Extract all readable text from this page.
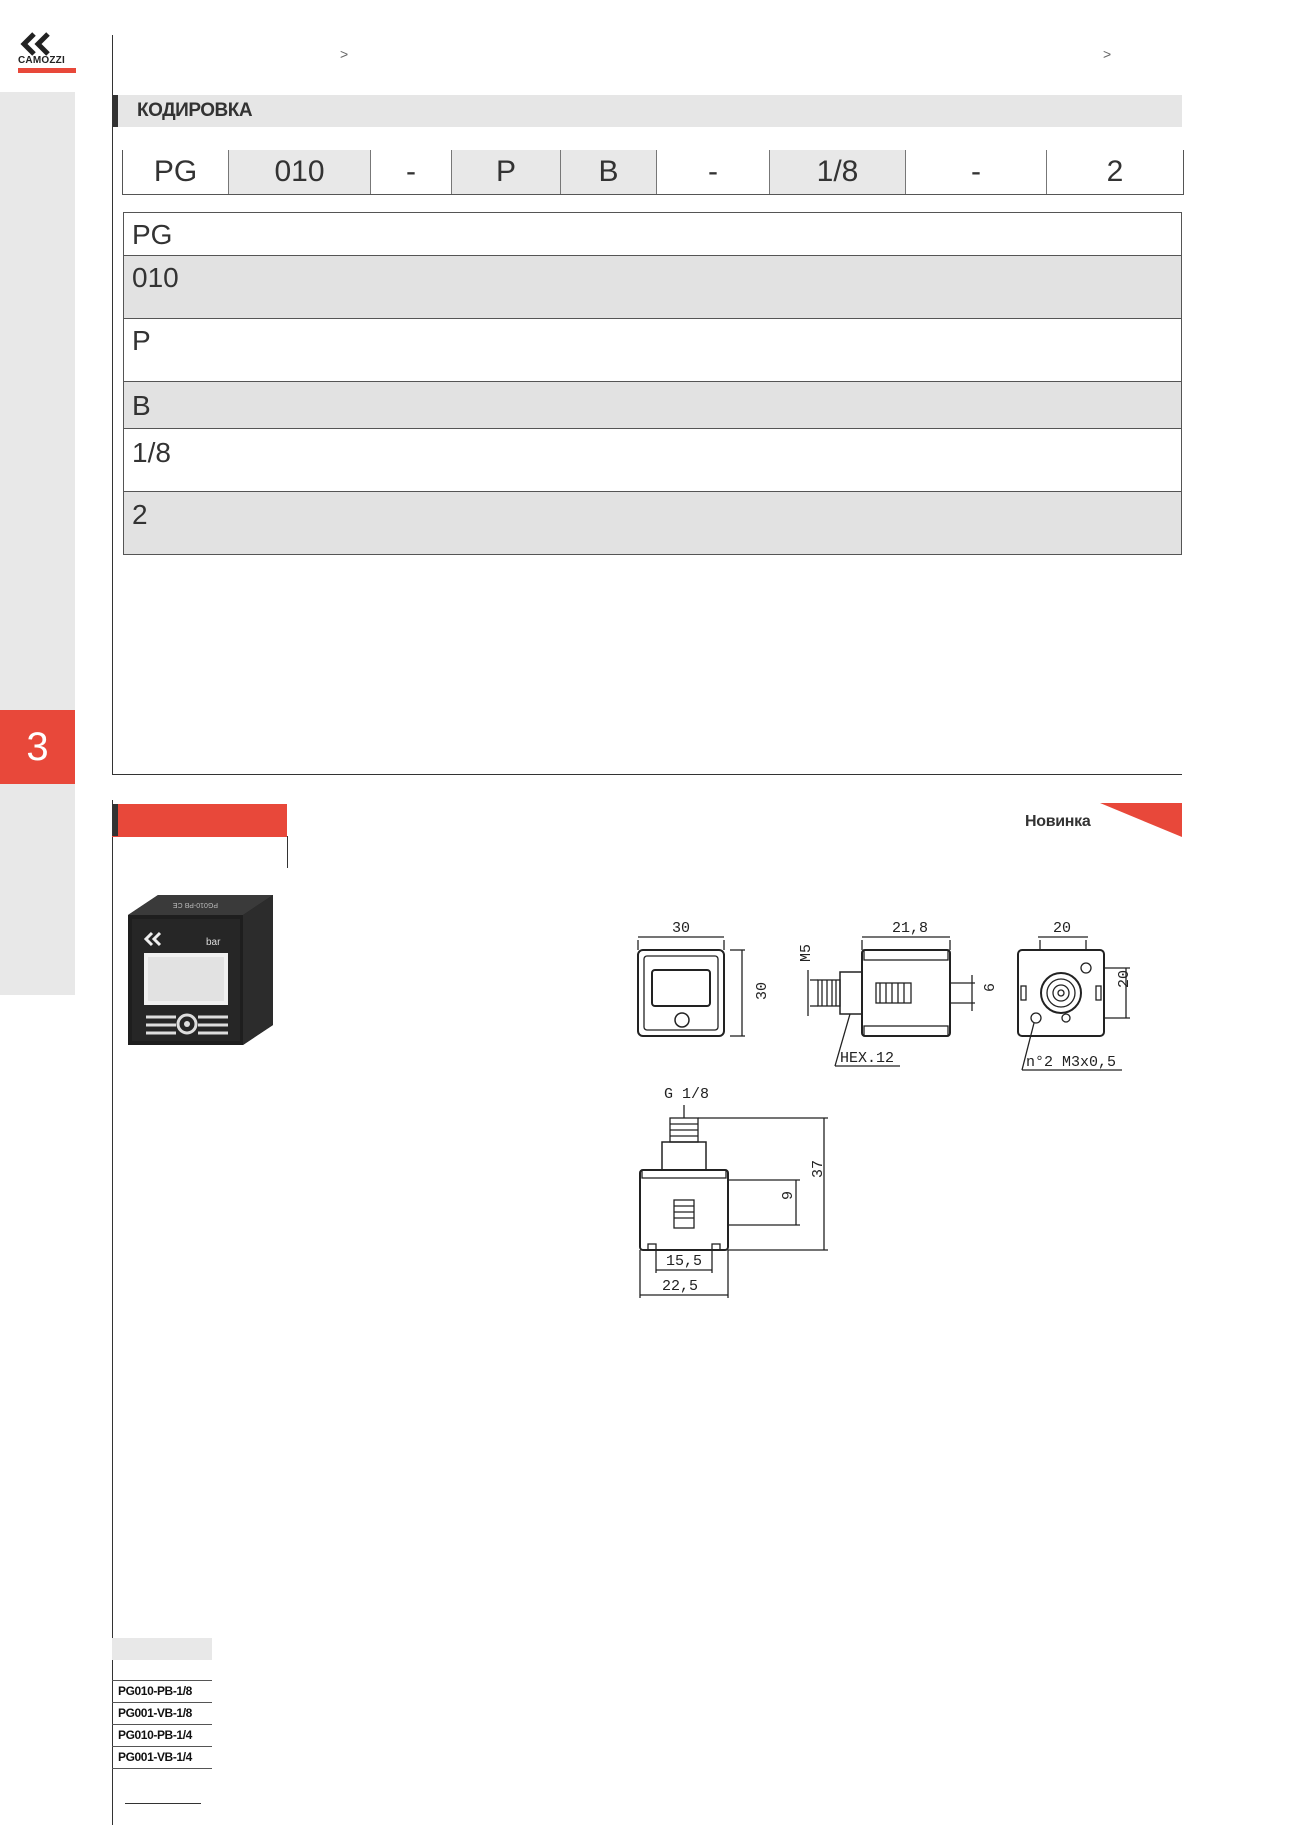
3
CAMOZZI	>	>
КОДИРОВКА
PG	010	-	P	B	-	1/8	-	2
PG
010
P
B
1/8
2
Новинка
bar
PG010-PB CE
30
30
21,8
M5
6
HEX.12
20
20
n°2 M3x0,5
G 1/8
37
9
15,5
22,5
PG010-PB-1/8
PG001-VB-1/8
PG010-PB-1/4
PG001-VB-1/4
